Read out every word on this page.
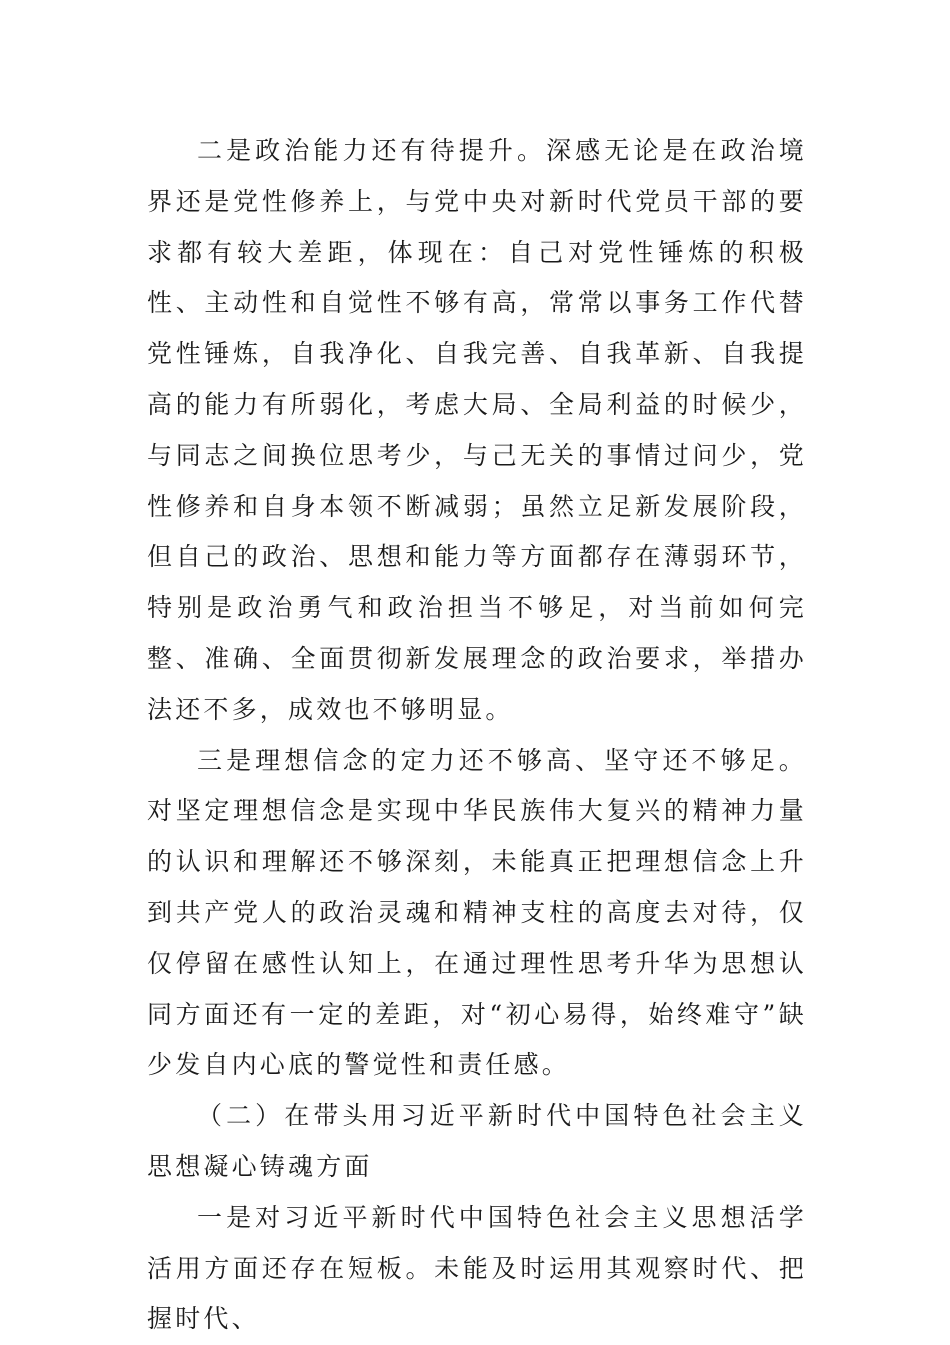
二是政治能力还有待提升。深感无论是在政治境界还是党性修养上，与党中央对新时代党员干部的要求都有较大差距，体现在：自己对党性锤炼的积极性、主动性和自觉性不够有高，常常以事务工作代替党性锤炼，自我净化、自我完善、自我革新、自我提高的能力有所弱化，考虑大局、全局利益的时候少，与同志之间换位思考少，与己无关的事情过问少，党性修养和自身本领不断减弱；虽然立足新发展阶段，但自己的政治、思想和能力等方面都存在薄弱环节，特别是政治勇气和政治担当不够足，对当前如何完整、准确、全面贯彻新发展理念的政治要求，举措办法还不多，成效也不够明显。

三是理想信念的定力还不够高、坚守还不够足。对坚定理想信念是实现中华民族伟大复兴的精神力量的认识和理解还不够深刻，未能真正把理想信念上升到共产党人的政治灵魂和精神支柱的高度去对待，仅仅停留在感性认知上，在通过理性思考升华为思想认同方面还有一定的差距，对“初心易得，始终难守”缺少发自内心底的警觉性和责任感。

（二）在带头用习近平新时代中国特色社会主义思想凝心铸魂方面

一是对习近平新时代中国特色社会主义思想活学活用方面还存在短板。未能及时运用其观察时代、把握时代、
